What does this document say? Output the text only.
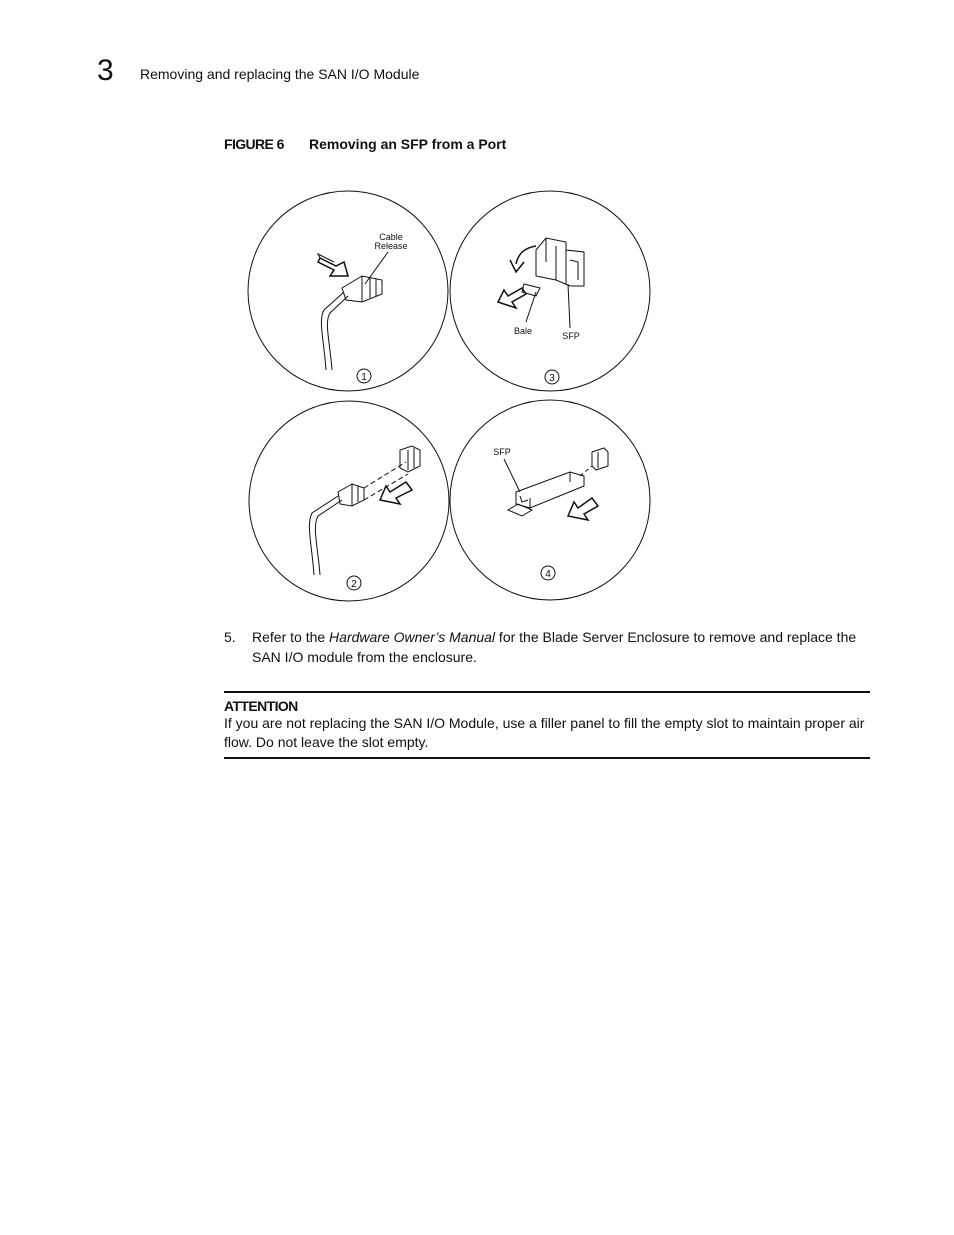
3 Removing and replacing the SAN I/O Module
FIGURE 6 Removing an SFP from a Port
Cable
Release
1
Bale	SFP
3
2
SFP
4
5. Refer to the Hardware Owner’s Manual for the Blade Server Enclosure to remove and replace the SAN I/O module from the enclosure.
ATTENTION
If you are not replacing the SAN I/O Module, use a filler panel to fill the empty slot to maintain proper air flow. Do not leave the slot empty.
